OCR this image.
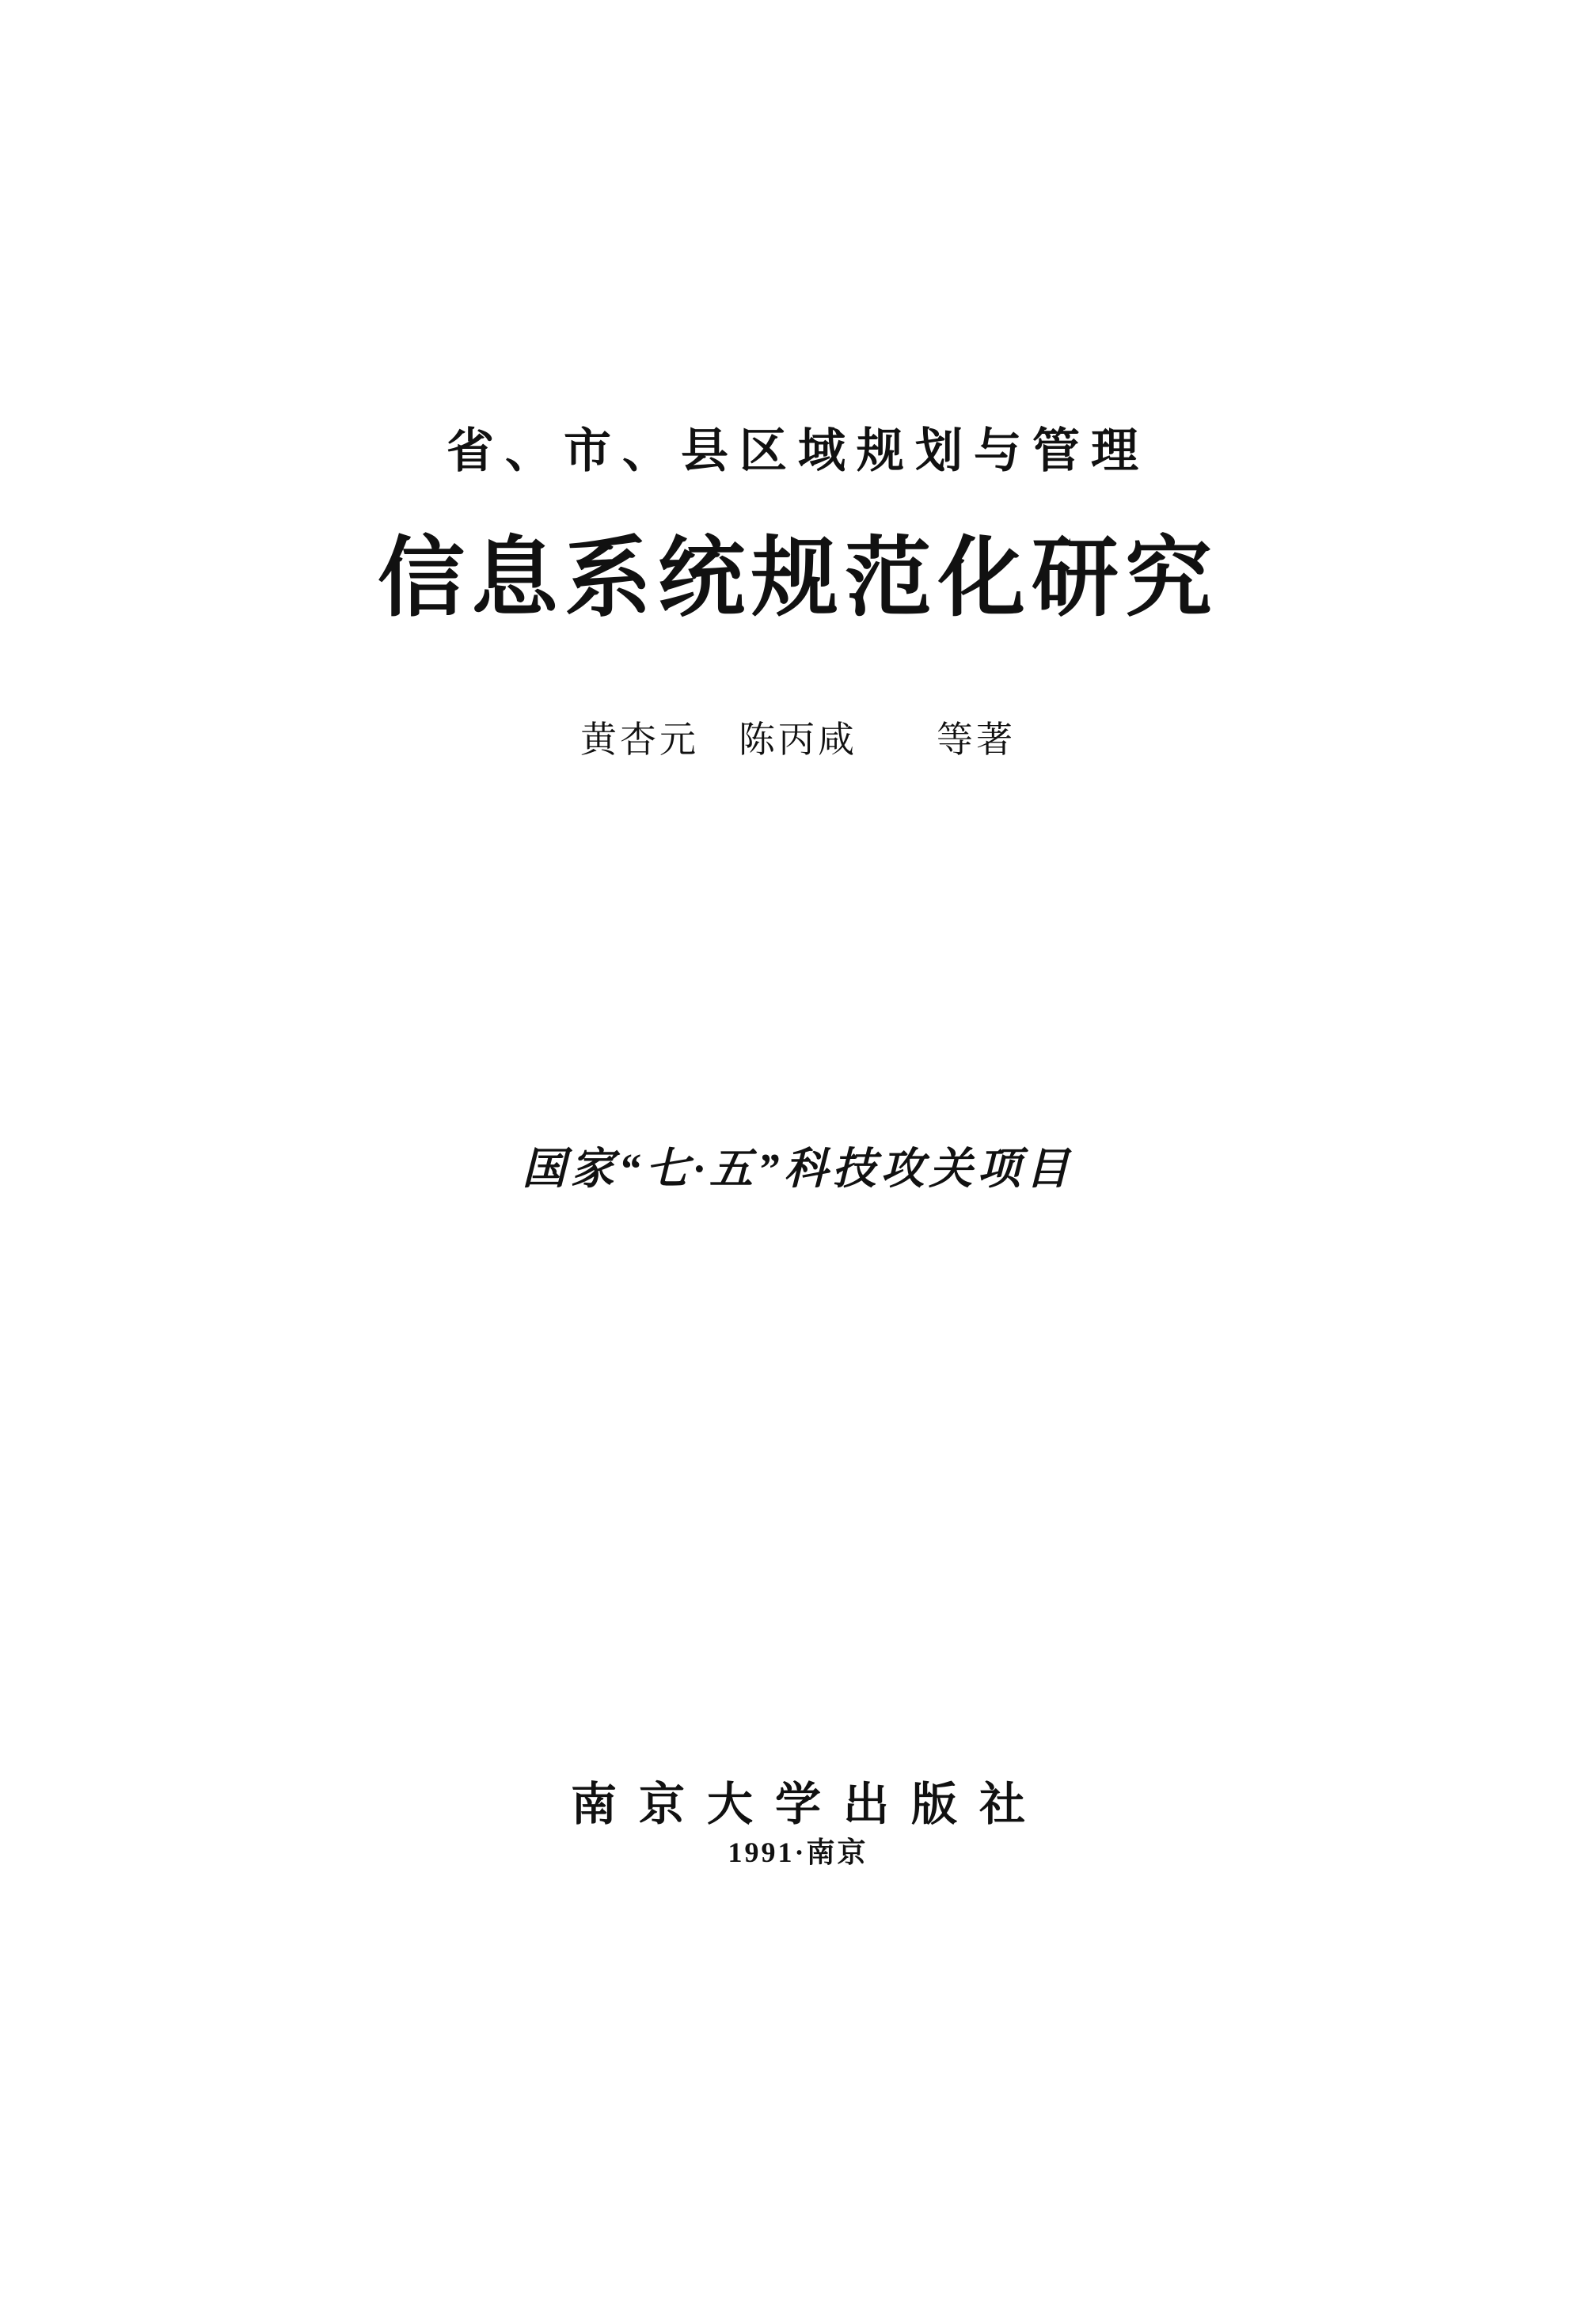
省、市、县区域规划与管理
信息系统规范化研究
黄杏元　陈丙咸　　等著
国家“七·五”科技攻关项目
南京大学出版社
1991·南京
